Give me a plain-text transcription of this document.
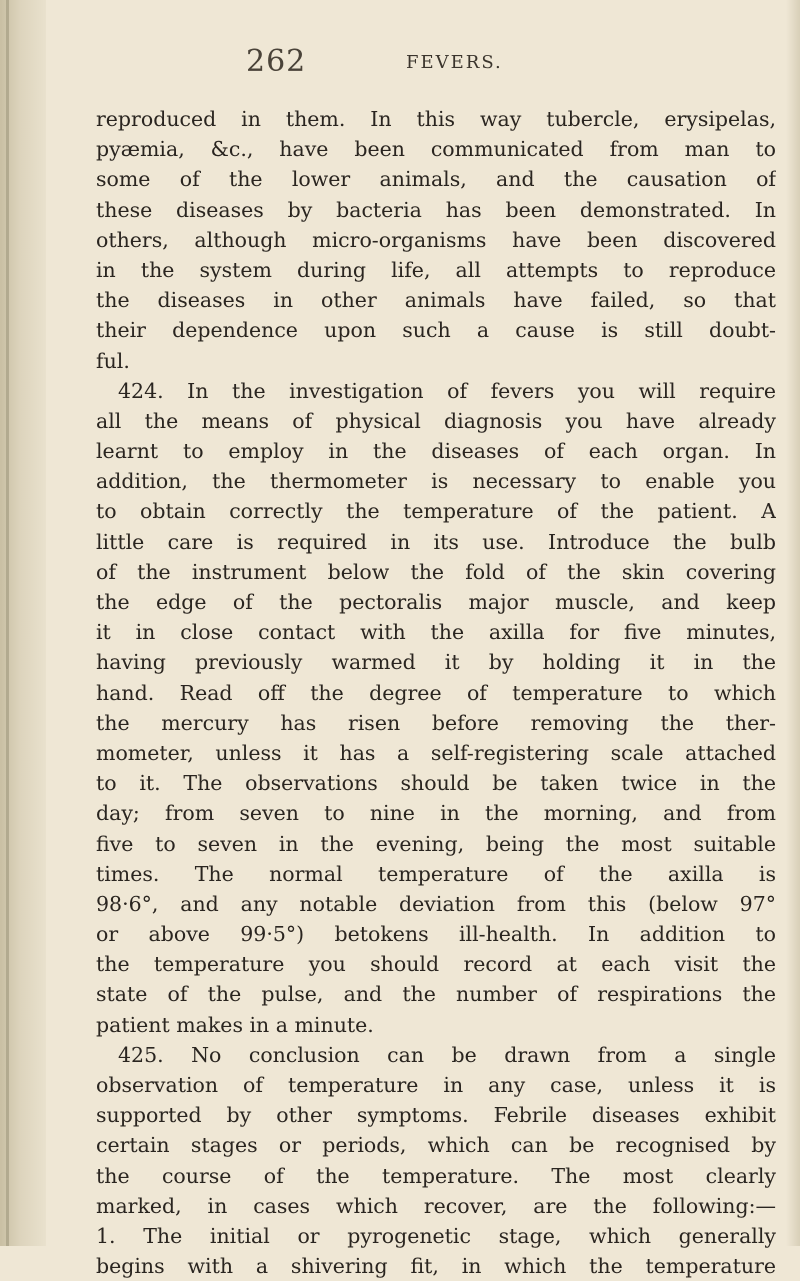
262	FEVERS.
reproduced in them. In this way tubercle, erysipelas,
pyæmia, &c., have been communicated from man to
some of the lower animals, and the causation of
these diseases by bacteria has been demonstrated. In
others, although micro-organisms have been discovered
in the system during life, all attempts to reproduce
the diseases in other animals have failed, so that
their dependence upon such a cause is still doubt-
ful.
424. In the investigation of fevers you will require
all the means of physical diagnosis you have already
learnt to employ in the diseases of each organ. In
addition, the thermometer is necessary to enable you
to obtain correctly the temperature of the patient. A
little care is required in its use. Introduce the bulb
of the instrument below the fold of the skin covering
the edge of the pectoralis major muscle, and keep
it in close contact with the axilla for five minutes,
having previously warmed it by holding it in the
hand. Read off the degree of temperature to which
the mercury has risen before removing the ther-
mometer, unless it has a self-registering scale attached
to it. The observations should be taken twice in the
day; from seven to nine in the morning, and from
five to seven in the evening, being the most suitable
times. The normal temperature of the axilla is
98·6°, and any notable deviation from this (below 97°
or above 99·5°) betokens ill-health. In addition to
the temperature you should record at each visit the
state of the pulse, and the number of respirations the
patient makes in a minute.
425. No conclusion can be drawn from a single
observation of temperature in any case, unless it is
supported by other symptoms. Febrile diseases exhibit
certain stages or periods, which can be recognised by
the course of the temperature. The most clearly
marked, in cases which recover, are the following:—
1. The initial or pyrogenetic stage, which generally
begins with a shivering fit, in which the temperature
